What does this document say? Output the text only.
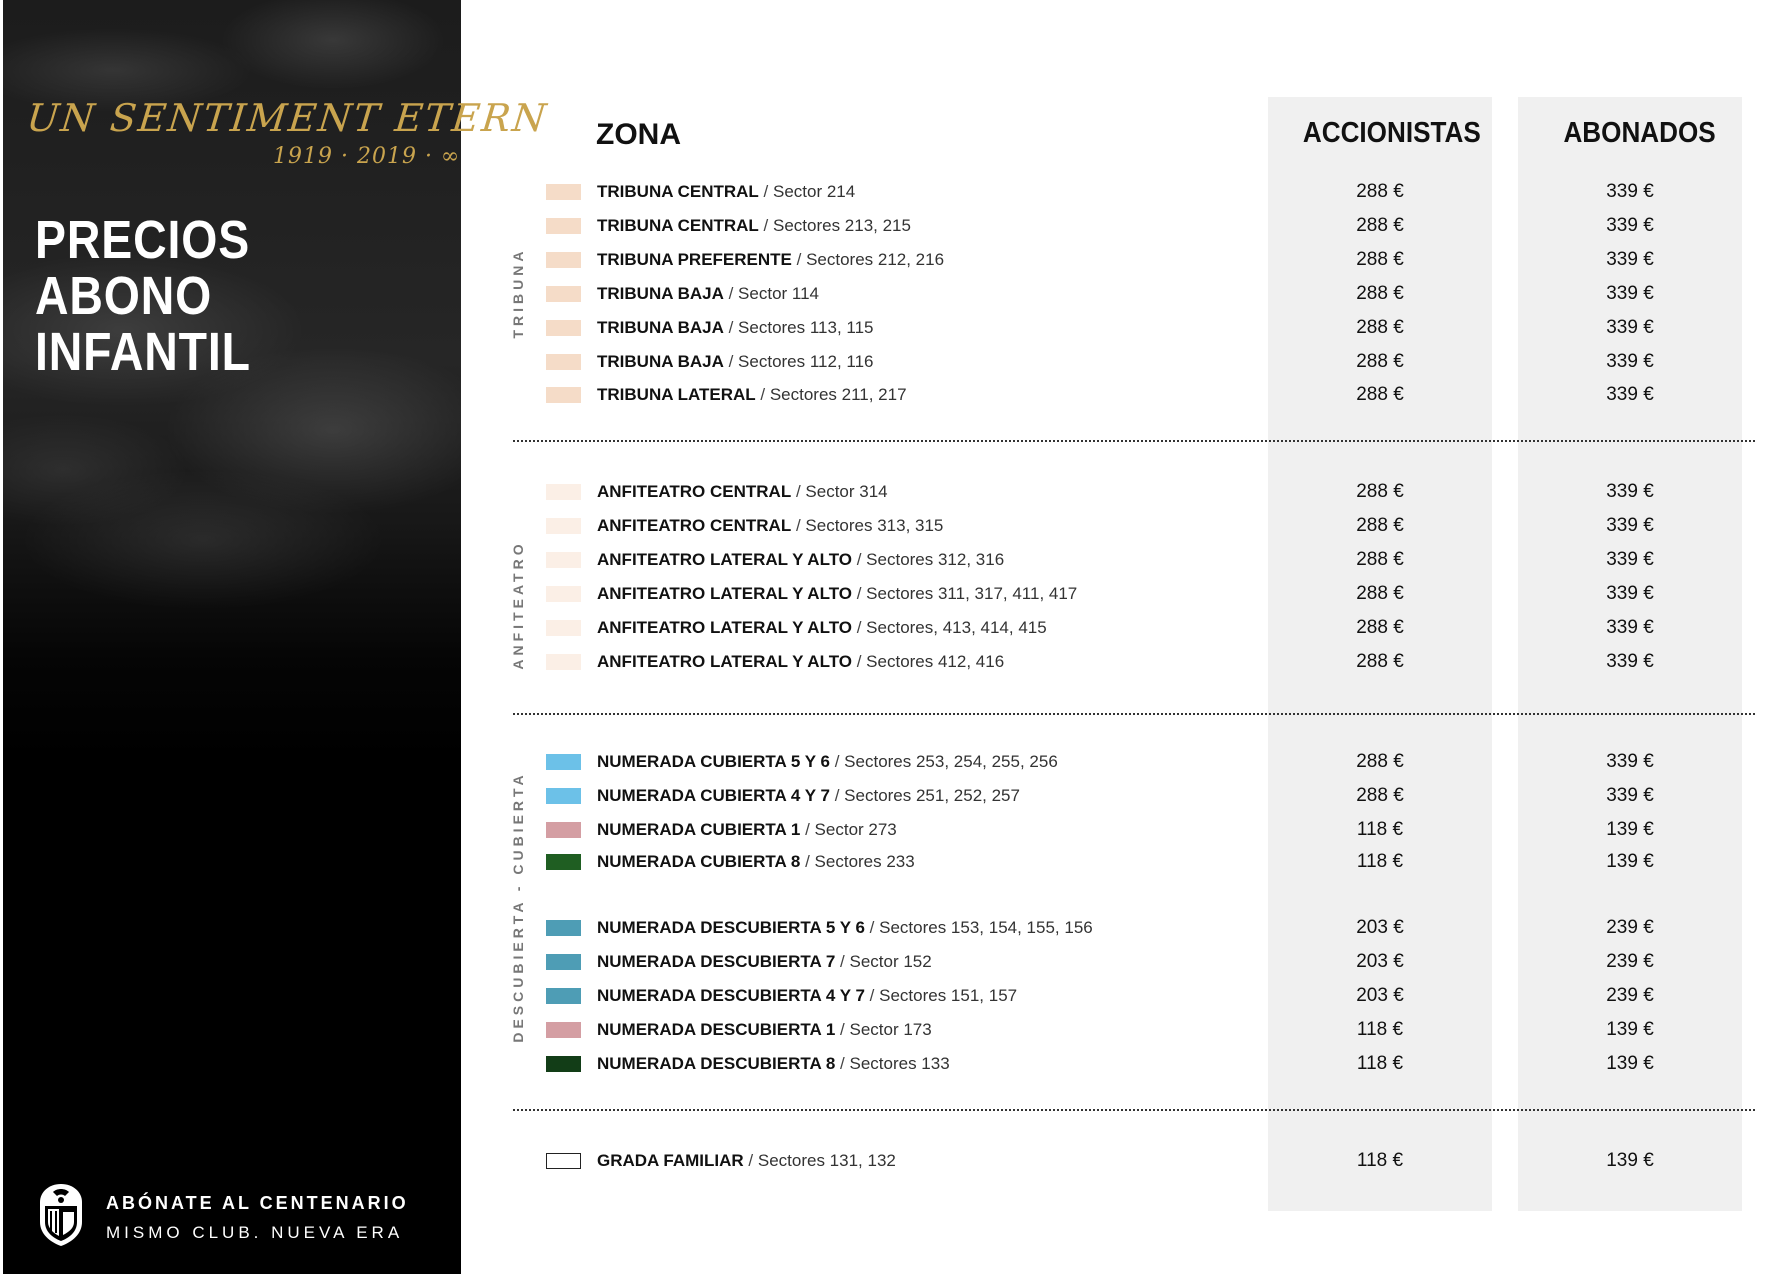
UN SENTIMENT ETERN
1919 · 2019 · ∞
PRECIOS
ABONO
INFANTIL

ABÓNATE AL CENTENARIO

MISMO CLUB. NUEVA ERA

ZONA	ACCIONISTAS	ABONADOS
TRIBUNA
TRIBUNA CENTRAL / Sector 214	288 €	339 €
TRIBUNA CENTRAL / Sectores 213, 215	288 €	339 €
TRIBUNA PREFERENTE / Sectores 212, 216	288 €	339 €
TRIBUNA BAJA / Sector 114	288 €	339 €
TRIBUNA BAJA / Sectores 113, 115	288 €	339 €
TRIBUNA BAJA / Sectores 112, 116	288 €	339 €
TRIBUNA LATERAL / Sectores 211, 217	288 €	339 €
ANFITEATRO
ANFITEATRO CENTRAL / Sector 314	288 €	339 €
ANFITEATRO CENTRAL / Sectores 313, 315	288 €	339 €
ANFITEATRO LATERAL Y ALTO / Sectores 312, 316	288 €	339 €
ANFITEATRO LATERAL Y ALTO / Sectores 311, 317, 411, 417	288 €	339 €
ANFITEATRO LATERAL Y ALTO / Sectores, 413, 414, 415	288 €	339 €
ANFITEATRO LATERAL Y ALTO / Sectores 412, 416	288 €	339 €
DESCUBIERTA - CUBIERTA
NUMERADA CUBIERTA 5 Y 6 / Sectores 253, 254, 255, 256	288 €	339 €
NUMERADA CUBIERTA 4 Y 7 / Sectores 251, 252, 257	288 €	339 €
NUMERADA CUBIERTA 1 / Sector 273	118 €	139 €
NUMERADA CUBIERTA 8 / Sectores 233	118 €	139 €
NUMERADA DESCUBIERTA 5 Y 6 / Sectores 153, 154, 155, 156	203 €	239 €
NUMERADA DESCUBIERTA 7 / Sector 152	203 €	239 €
NUMERADA DESCUBIERTA 4 Y 7 / Sectores 151, 157	203 €	239 €
NUMERADA DESCUBIERTA 1 / Sector 173	118 €	139 €
NUMERADA DESCUBIERTA 8 / Sectores 133	118 €	139 €
GRADA FAMILIAR / Sectores 131, 132	118 €	139 €
